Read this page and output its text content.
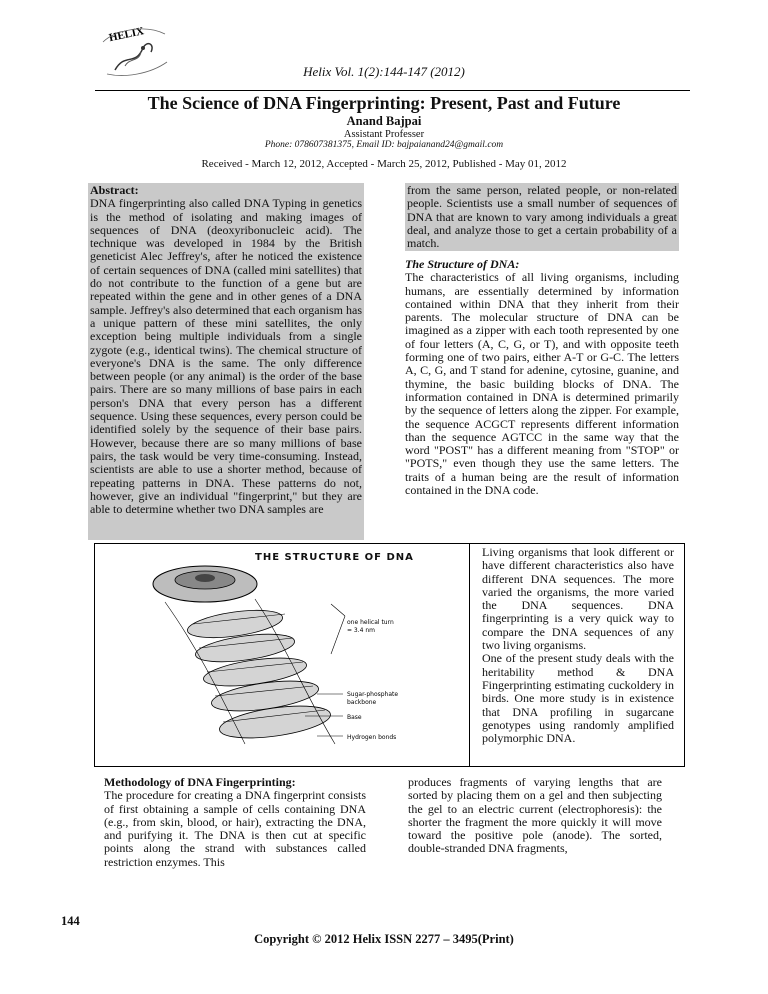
HELIX
Helix Vol. 1(2):144-147 (2012)
The Science of DNA Fingerprinting: Present, Past and Future
Anand Bajpai
Assistant Professer
Phone: 078607381375, Email ID: bajpaianand24@gmail.com
Received - March 12, 2012, Accepted - March 25, 2012, Published - May 01, 2012

Abstract:

DNA fingerprinting also called DNA Typing in genetics is the method of isolating and making images of sequences of DNA (deoxyribonucleic acid). The technique was developed in 1984 by the British geneticist Alec Jeffrey's, after he noticed the existence of certain sequences of DNA (called mini satellites) that do not contribute to the function of a gene but are repeated within the gene and in other genes of a DNA sample. Jeffrey's also determined that each organism has a unique pattern of these mini satellites, the only exception being multiple individuals from a single zygote (e.g., identical twins). The chemical structure of everyone's DNA is the same. The only difference between people (or any animal) is the order of the base pairs. There are so many millions of base pairs in each person's DNA that every person has a different sequence. Using these sequences, every person could be identified solely by the sequence of their base pairs. However, because there are so many millions of base pairs, the task would be very time-consuming. Instead, scientists are able to use a shorter method, because of repeating patterns in DNA. These patterns do not, however, give an individual "fingerprint," but they are able to determine whether two DNA samples are

from the same person, related people, or non-related people. Scientists use a small number of sequences of DNA that are known to vary among individuals a great deal, and analyze those to get a certain probability of a match.

The Structure of DNA:

The characteristics of all living organisms, including humans, are essentially determined by information contained within DNA that they inherit from their parents. The molecular structure of DNA can be imagined as a zipper with each tooth represented by one of four letters (A, C, G, or T), and with opposite teeth forming one of two pairs, either A-T or G-C. The letters A, C, G, and T stand for adenine, cytosine, guanine, and thymine, the basic building blocks of DNA. The information contained in DNA is determined primarily by the sequence of letters along the zipper. For example, the sequence ACGCT represents different information than the sequence AGTCC in the same way that the word "POST" has a different meaning from "STOP" or "POTS," even though they use the same letters. The traits of a human being are the result of information contained in the DNA code.

THE STRUCTURE OF DNA
one helical turn
= 3.4 nm
Sugar-phosphate
backbone
Base
Hydrogen bonds

Living organisms that look different or have different characteristics also have different DNA sequences. The more varied the organisms, the more varied the DNA sequences. DNA fingerprinting is a very quick way to compare the DNA sequences of any two living organisms.

One of the present study deals with the heritability method & DNA Fingerprinting estimating cuckoldery in birds. One more study is in existence that DNA profiling in sugarcane genotypes using randomly amplified polymorphic DNA.

Methodology of DNA Fingerprinting:

The procedure for creating a DNA fingerprint consists of first obtaining a sample of cells containing DNA (e.g., from skin, blood, or hair), extracting the DNA, and purifying it. The DNA is then cut at specific points along the strand with substances called restriction enzymes. This

produces fragments of varying lengths that are sorted by placing them on a gel and then subjecting the gel to an electric current (electrophoresis): the shorter the fragment the more quickly it will move toward the positive pole (anode). The sorted, double-stranded DNA fragments,

144
Copyright © 2012 Helix ISSN 2277 – 3495(Print)
